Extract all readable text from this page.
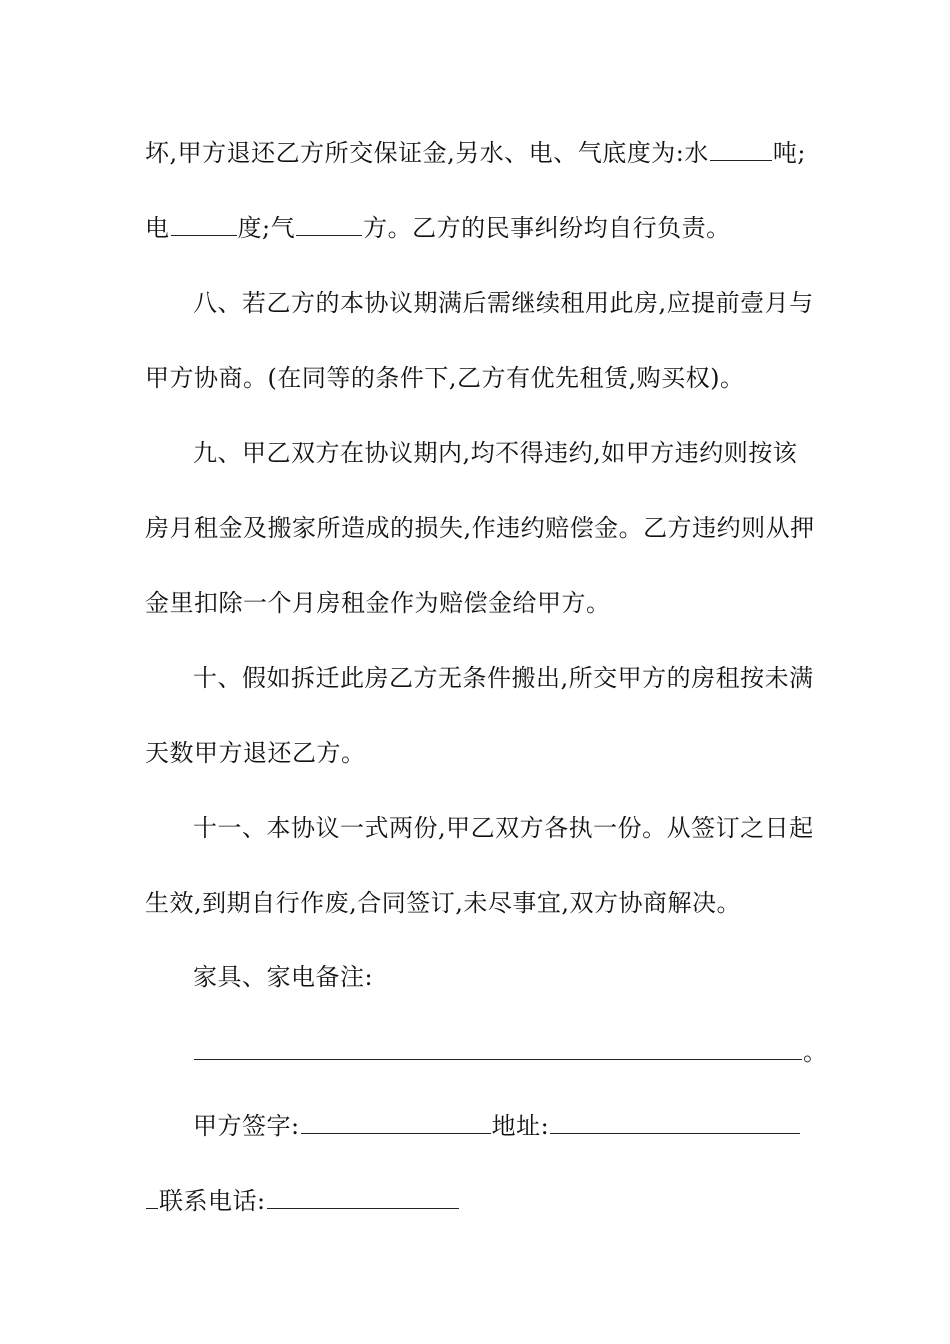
坏,甲方退还乙方所交保证金,另水、电、气底度为:水	吨;
电	度;气	方。乙方的民事纠纷均自行负责。
八、若乙方的本协议期满后需继续租用此房,应提前壹月与
甲方协商。(在同等的条件下,乙方有优先租赁,购买权)。
九、甲乙双方在协议期内,均不得违约,如甲方违约则按该
房月租金及搬家所造成的损失,作违约赔偿金。乙方违约则从押
金里扣除一个月房租金作为赔偿金给甲方。
十、假如拆迁此房乙方无条件搬出,所交甲方的房租按未满
天数甲方退还乙方。
十一、本协议一式两份,甲乙双方各执一份。从签订之日起
生效,到期自行作废,合同签订,未尽事宜,双方协商解决。
家具、家电备注:
。
甲方签字:	地址:
联系电话:
